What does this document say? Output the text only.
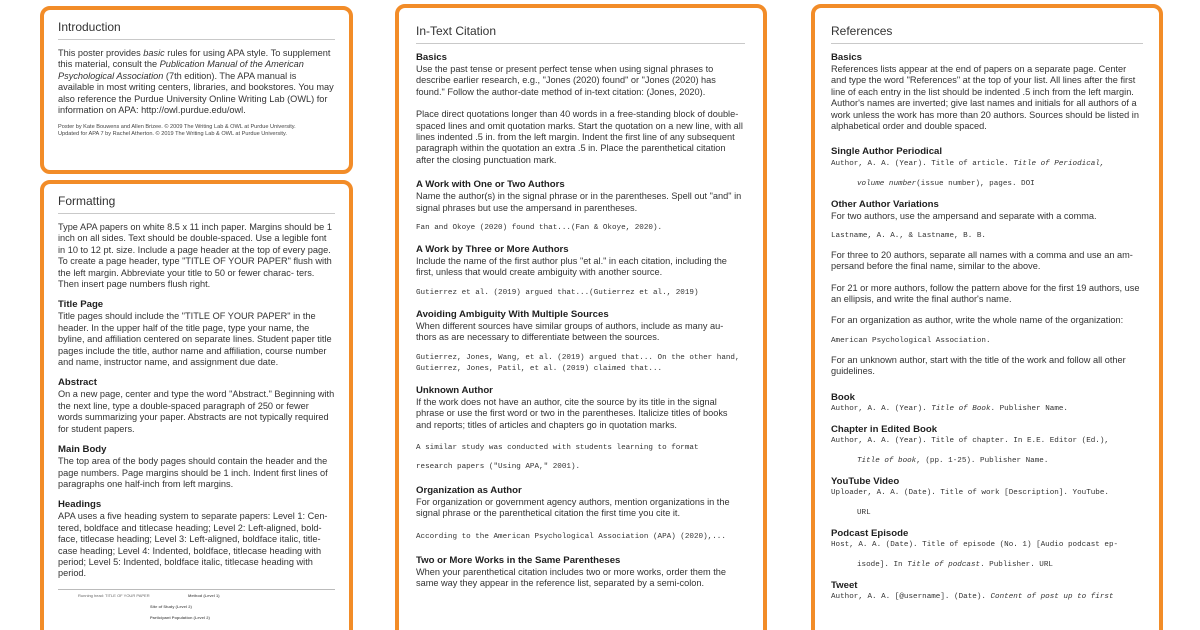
Introduction
This poster provides basic rules for using APA style. To supplement this material, consult the Publication Manual of the American Psychological Association (7th edition). The APA manual is available in most writing centers, libraries, and bookstores. You may also reference the Purdue University Online Writing Lab (OWL) for information on APA: http://owl.purdue.edu/owl.
Poster by Kate Bouwens and Allen Brizee. © 2009 The Writing Lab & OWL at Purdue University.
Updated for APA 7 by Rachel Atherton. © 2019 The Writing Lab & OWL at Purdue University.
Formatting
Type APA papers on white 8.5 x 11 inch paper. Margins should be 1 inch on all sides. Text should be double-spaced. Use a legible font in 10 to 12 pt. size. Include a page header at the top of every page. To create a page header, type "TITLE OF YOUR PAPER" flush with the left margin. Abbreviate your title to 50 or fewer charac- ters. Then insert page numbers flush right.
Title Page
Title pages should include the "TITLE OF YOUR PAPER" in the header. In the upper half of the title page, type your name, the byline, and affiliation centered on separate lines. Student paper title pages include the title, author name and affiliation, course number and name, instructor name, and assignment due date.
Abstract
On a new page, center and type the word "Abstract." Beginning with the next line, type a double-spaced paragraph of 250 or fewer words summarizing your paper. Abstracts are not typically required for student papers.
Main Body
The top area of the body pages should contain the header and the page numbers. Page margins should be 1 inch. Indent first lines of paragraphs one half-inch from left margins.
Headings
APA uses a five heading system to separate papers: Level 1: Cen- tered, boldface and titlecase heading; Level 2: Left-aligned, bold- face, titlecase heading; Level 3: Left-aligned, boldface italic, title- case heading; Level 4: Indented, boldface, titlecase heading with period; Level 5: Indented, boldface italic, titlecase heading with period.
Running head: TITLE OF YOUR PAPER	Method (Level 1)
Site of Study (Level 2)
Participant Population (Level 2)
In-Text Citation
Basics
Use the past tense or present perfect tense when using signal phrases to describe earlier research, e.g., "Jones (2020) found" or "Jones (2020) has found." Follow the author-date method of in-text citation: (Jones, 2020).
Place direct quotations longer than 40 words in a free-standing block of double-spaced lines and omit quotation marks. Start the quotation on a new line, with all lines indented .5 in. from the left margin. Indent the first line of any subsequent paragraph within the quotation an extra .5 in. Place the parenthetical citation after the closing punctuation mark.
A Work with One or Two Authors
Name the author(s) in the signal phrase or in the parentheses. Spell out "and" in signal phrases but use the ampersand in parentheses.
Fan and Okoye (2020) found that...(Fan & Okoye, 2020).
A Work by Three or More Authors
Include the name of the first author plus "et al." in each citation, including the first, unless that would create ambiguity with another source.
Gutierrez et al. (2019) argued that...(Gutierrez et al., 2019)
Avoiding Ambiguity With Multiple Sources
When different sources have similar groups of authors, include as many au- thors as are necessary to differentiate between the sources.
Gutierrez, Jones, Wang, et al. (2019) argued that... On the other hand, Gutierrez, Jones, Patil, et al. (2019) claimed that...
Unknown Author
If the work does not have an author, cite the source by its title in the signal phrase or use the first word or two in the parentheses. Italicize titles of books and reports; titles of articles and chapters go in quotation marks.
A similar study was conducted with students learning to format
research papers ("Using APA," 2001).
Organization as Author
For organization or government agency authors, mention organizations in the signal phrase or the parenthetical citation the first time you cite it.
According to the American Psychological Association (APA) (2020),...
Two or More Works in the Same Parentheses
When your parenthetical citation includes two or more works, order them the same way they appear in the reference list, separated by a semi-colon.
References
Basics
References lists appear at the end of papers on a separate page. Center and type the word "References" at the top of your list. All lines after the first line of each entry in the list should be indented .5 inch from the left margin. Author's names are inverted; give last names and initials for all authors of a work unless the work has more than 20 authors. Sources should be listed in alphabetical order and double spaced.
Single Author Periodical
Author, A. A. (Year). Title of article. Title of Periodical,
volume number(issue number), pages. DOI
Other Author Variations
For two authors, use the ampersand and separate with a comma.
Lastname, A. A., & Lastname, B. B.
For three to 20 authors, separate all names with a comma and use an am- persand before the final name, similar to the above.
For 21 or more authors, follow the pattern above for the first 19 authors, use an ellipsis, and write the final author's name.
For an organization as author, write the whole name of the organization:
American Psychological Association.
For an unknown author, start with the title of the work and follow all other guidelines.
Book
Author, A. A. (Year). Title of Book. Publisher Name.
Chapter in Edited Book
Author, A. A. (Year). Title of chapter. In E.E. Editor (Ed.),
Title of book, (pp. 1-25). Publisher Name.
YouTube Video
Uploader, A. A. (Date). Title of work [Description]. YouTube.
URL
Podcast Episode
Host, A. A. (Date). Title of episode (No. 1) [Audio podcast ep-
isode]. In Title of podcast. Publisher. URL
Tweet
Author, A. A. [@username]. (Date). Content of post up to first
